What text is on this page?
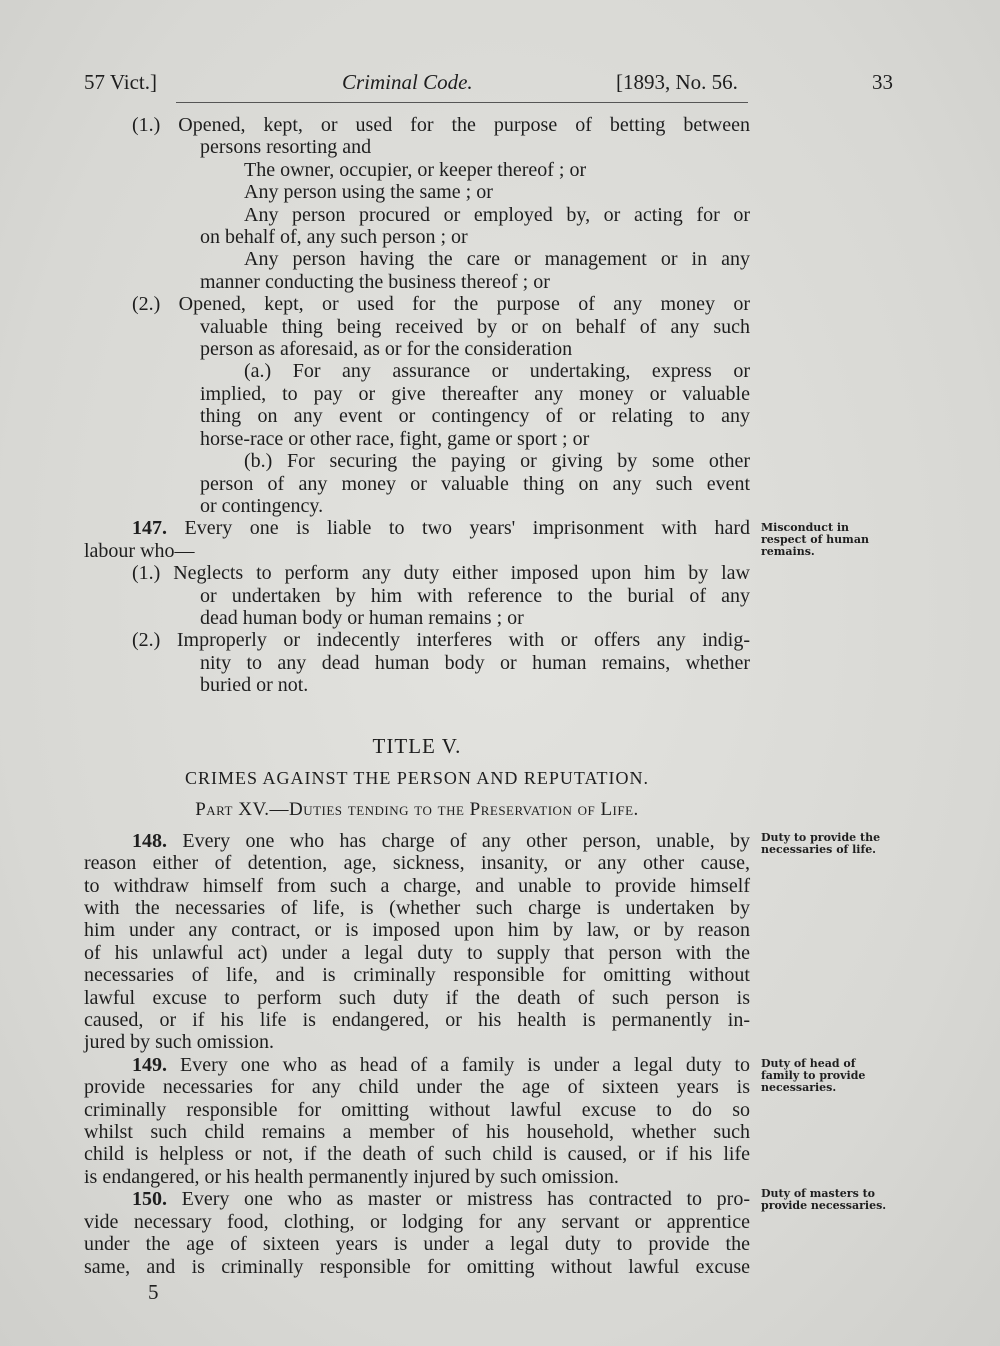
57 Vict.]	Criminal Code.	[1893, No. 56.	33
(1.) Opened, kept, or used for the purpose of betting between
persons resorting and
The owner, occupier, or keeper thereof ; or
Any person using the same ; or
Any person procured or employed by, or acting for or
on behalf of, any such person ; or
Any person having the care or management or in any
manner conducting the business thereof ; or
(2.) Opened, kept, or used for the purpose of any money or
valuable thing being received by or on behalf of any such
person as aforesaid, as or for the consideration
(a.) For any assurance or undertaking, express or
implied, to pay or give thereafter any money or valuable
thing on any event or contingency of or relating to any
horse-race or other race, fight, game or sport ; or
(b.) For securing the paying or giving by some other
person of any money or valuable thing on any such event
or contingency.
147. Every one is liable to two years' imprisonment with hard
labour who—
(1.) Neglects to perform any duty either imposed upon him by law
or undertaken by him with reference to the burial of any
dead human body or human remains ; or
(2.) Improperly or indecently interferes with or offers any indig-
nity to any dead human body or human remains, whether
buried or not.
TITLE V.
CRIMES AGAINST THE PERSON AND REPUTATION.
Part XV.—Duties tending to the Preservation of Life.
148. Every one who has charge of any other person, unable, by
reason either of detention, age, sickness, insanity, or any other cause,
to withdraw himself from such a charge, and unable to provide himself
with the necessaries of life, is (whether such charge is undertaken by
him under any contract, or is imposed upon him by law, or by reason
of his unlawful act) under a legal duty to supply that person with the
necessaries of life, and is criminally responsible for omitting without
lawful excuse to perform such duty if the death of such person is
caused, or if his life is endangered, or his health is permanently in-
jured by such omission.
149. Every one who as head of a family is under a legal duty to
provide necessaries for any child under the age of sixteen years is
criminally responsible for omitting without lawful excuse to do so
whilst such child remains a member of his household, whether such
child is helpless or not, if the death of such child is caused, or if his life
is endangered, or his health permanently injured by such omission.
150. Every one who as master or mistress has contracted to pro-
vide necessary food, clothing, or lodging for any servant or apprentice
under the age of sixteen years is under a legal duty to provide the
same, and is criminally responsible for omitting without lawful excuse
Misconduct in
respect of human
remains.
Duty to provide the
necessaries of life.
Duty of head of
family to provide
necessaries.
Duty of masters to
provide necessaries.
5
